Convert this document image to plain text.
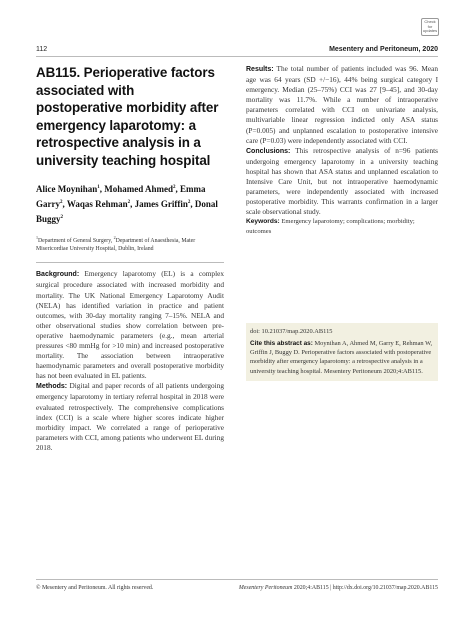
112	Mesentery and Peritoneum, 2020
Check for updates
AB115. Perioperative factors associated with postoperative morbidity after emergency laparotomy: a retrospective analysis in a university teaching hospital
Alice Moynihan$^1$, Mohamed Ahmed$^2$, Emma Garry$^2$, Waqas Rehman$^2$, James Griffin$^2$, Donal Buggy$^2$
$^1$Department of General Surgery, $^2$Department of Anaesthesia, Mater Misericordiae University Hospital, Dublin, Ireland

Background: Emergency laparotomy (EL) is a complex surgical procedure associated with increased morbidity and mortality. The UK National Emergency Laparotomy Audit (NELA) has identified variation in practice and patient outcomes, with 30-day mortality ranging 7–15%. NELA and other observational studies show correlation between pre-operative haemodynamic parameters (e.g., mean arterial pressures <80 mmHg for >10 min) and increased postoperative mortality. The association between intraoperative haemodynamic parameters and overall postoperative morbidity has not been evaluated in EL patients.

Methods: Digital and paper records of all patients undergoing emergency laparotomy in tertiary referral hospital in 2018 were evaluated retrospectively. The comprehensive complications index (CCI) is a scale where higher scores indicate higher morbidity impact. We correlated a range of perioperative parameters with CCI, among patients who underwent EL during 2018.

Results: The total number of patients included was 96. Mean age was 64 years (SD +/−16), 44% being surgical category I emergency. Median (25–75%) CCI was 27 [9–45], and 30-day mortality was 11.7%. While a number of intraoperative parameters correlated with CCI on univariate analysis, multivariable linear regression indicted only ASA status (P=0.005) and unplanned escalation to postoperative intensive care (P=0.03) were independently associated with CCI.

Conclusions: This retrospective analysis of n=96 patients undergoing emergency laparotomy in a university teaching hospital has shown that ASA status and unplanned escalation to Intensive Care Unit, but not intraoperative haemodynamic parameters, were independently associated with increased postoperative morbidity. This warrants confirmation in a larger scale observational study.

Keywords: Emergency laparotomy; complications; morbidity; outcomes

doi: 10.21037/map.2020.AB115

Cite this abstract as: Moynihan A, Ahmed M, Garry E, Rehman W, Griffin J, Buggy D. Perioperative factors associated with postoperative morbidity after emergency laparotomy: a retrospective analysis in a university teaching hospital. Mesentery Peritoneum 2020;4:AB115.

© Mesentery and Peritoneum. All rights reserved.	Mesentery Peritoneum 2020;4:AB115 | http://dx.doi.org/10.21037/map.2020.AB115
